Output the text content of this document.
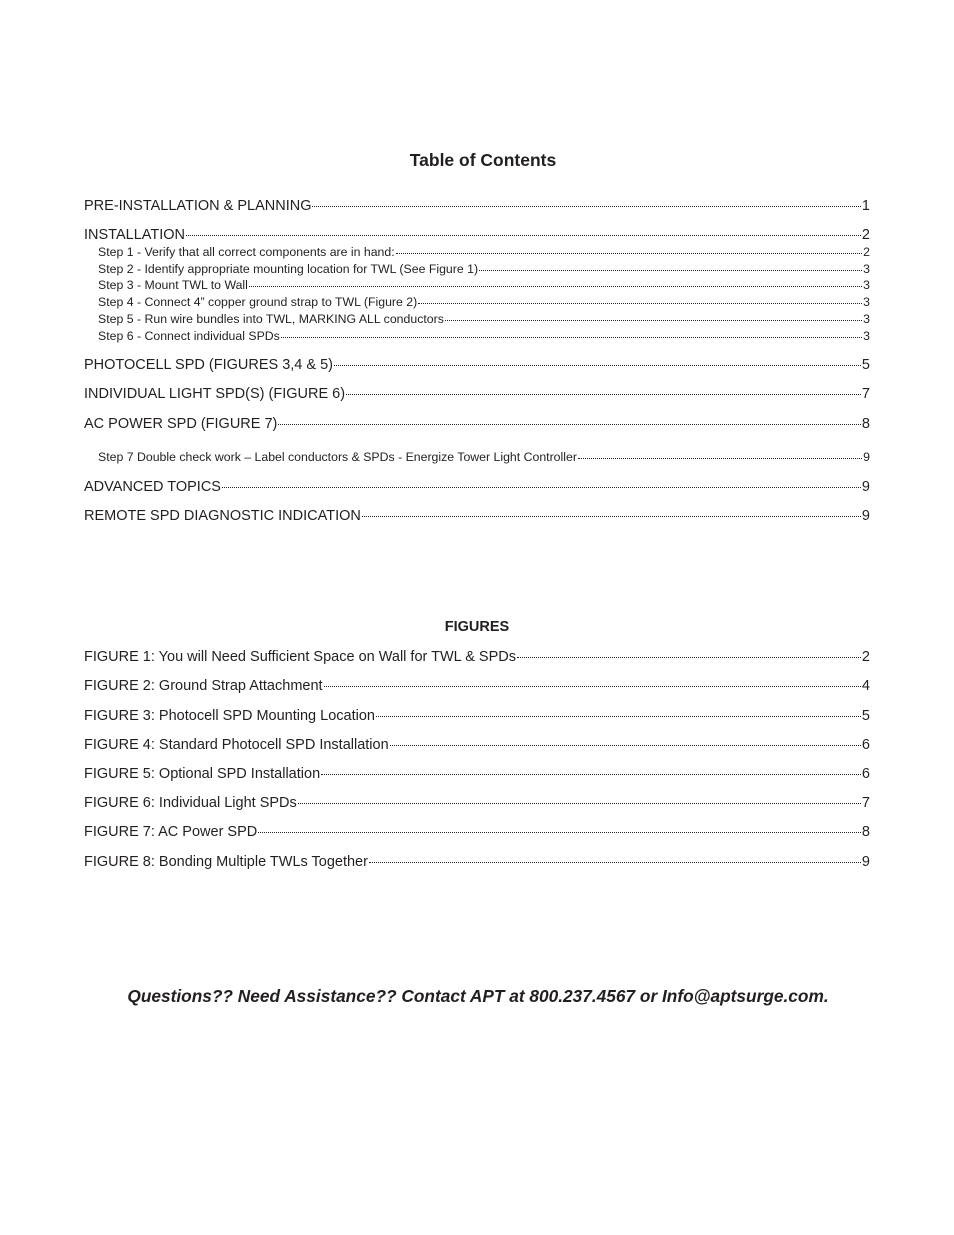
Table of Contents
PRE-INSTALLATION & PLANNING	1
INSTALLATION	2
Step 1 - Verify that all correct components are in hand:	2
Step 2 - Identify appropriate mounting location for TWL (See Figure 1)	3
Step 3 - Mount TWL to Wall	3
Step 4 - Connect 4” copper ground strap to TWL (Figure 2)	3
Step 5 - Run wire bundles into TWL, MARKING ALL conductors	3
Step 6 - Connect individual SPDs	3
PHOTOCELL SPD (FIGURES 3,4 & 5)	5
INDIVIDUAL LIGHT SPD(S) (FIGURE 6)	7
AC POWER SPD (FIGURE 7)	8
Step 7 Double check work – Label conductors & SPDs - Energize Tower Light Controller	9
ADVANCED TOPICS	9
REMOTE SPD DIAGNOSTIC INDICATION	9
FIGURES
FIGURE 1: You will Need Sufficient Space on Wall for TWL & SPDs	2
FIGURE 2: Ground Strap Attachment	4
FIGURE 3: Photocell SPD Mounting Location	5
FIGURE 4: Standard Photocell SPD Installation	6
FIGURE 5: Optional SPD Installation	6
FIGURE 6: Individual Light SPDs	7
FIGURE 7: AC Power SPD	8
FIGURE 8: Bonding Multiple TWLs Together	9

Questions?? Need Assistance?? Contact APT at 800.237.4567 or Info@aptsurge.com.
